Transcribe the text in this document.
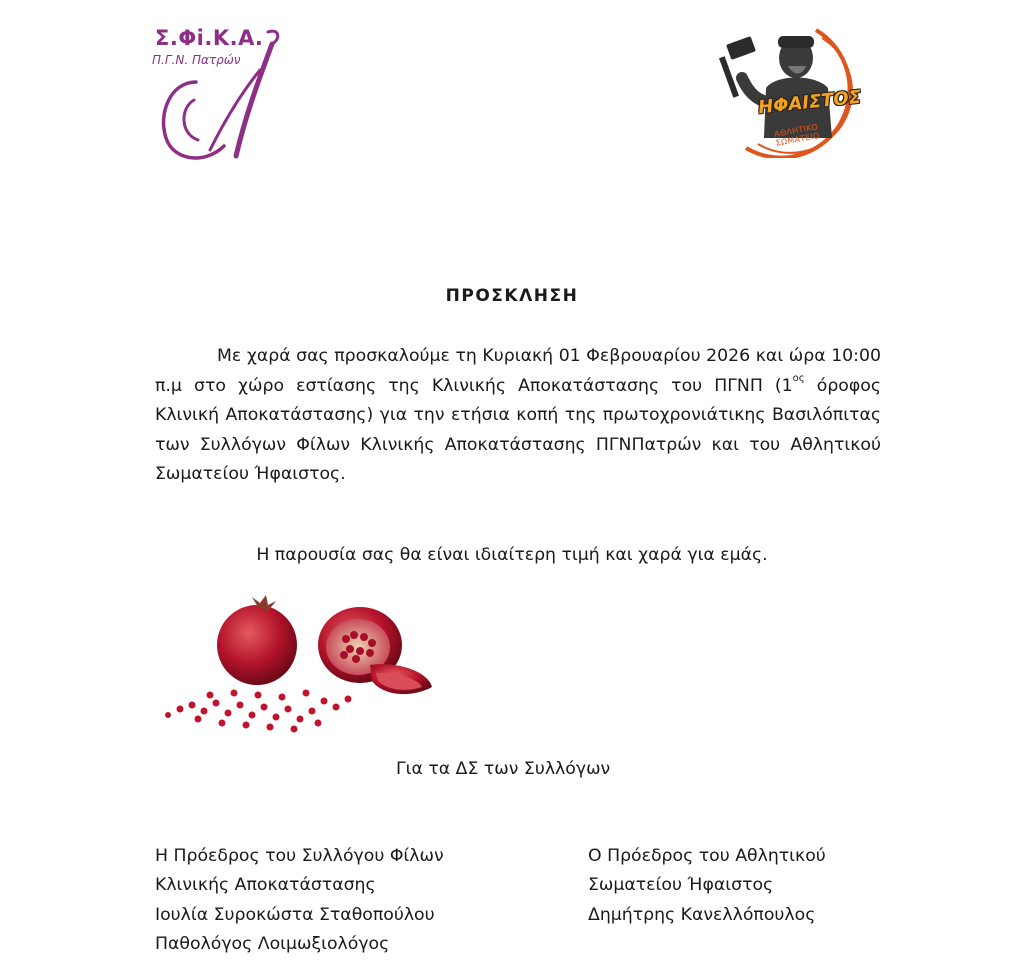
Σ.Φi.Κ.Α.
Π.Γ.Ν. Πατρών
ΗΦΑΙΣΤΟΣ
ΑΘΛΗΤΙΚΟ ΣΩΜΑΤΕΙΟ
ΠΡΟΣΚΛΗΣΗ
Με χαρά σας προσκαλούμε τη Κυριακή 01 Φεβρουαρίου 2026 και ώρα 10:00 π.μ στο χώρο εστίασης της Κλινικής Αποκατάστασης του ΠΓΝΠ ($1^{o\varsigma}$ όροφος Κλινική Αποκατάστασης) για την ετήσια κοπή της πρωτοχρονιάτικης Βασιλόπιτας των Συλλόγων Φίλων Κλινικής Αποκατάστασης ΠΓΝΠατρών και του Αθλητικού Σωματείου Ήφαιστος.
Η παρουσία σας θα είναι ιδιαίτερη τιμή και χαρά για εμάς.
Για τα ΔΣ των Συλλόγων
Η Πρόεδρος του Συλλόγου Φίλων
Κλινικής Αποκατάστασης
Ιουλία Συροκώστα Σταθοπούλου
Παθολόγος Λοιμωξιολόγος
Ο Πρόεδρος του Αθλητικού
Σωματείου Ήφαιστος
Δημήτρης Κανελλόπουλος
